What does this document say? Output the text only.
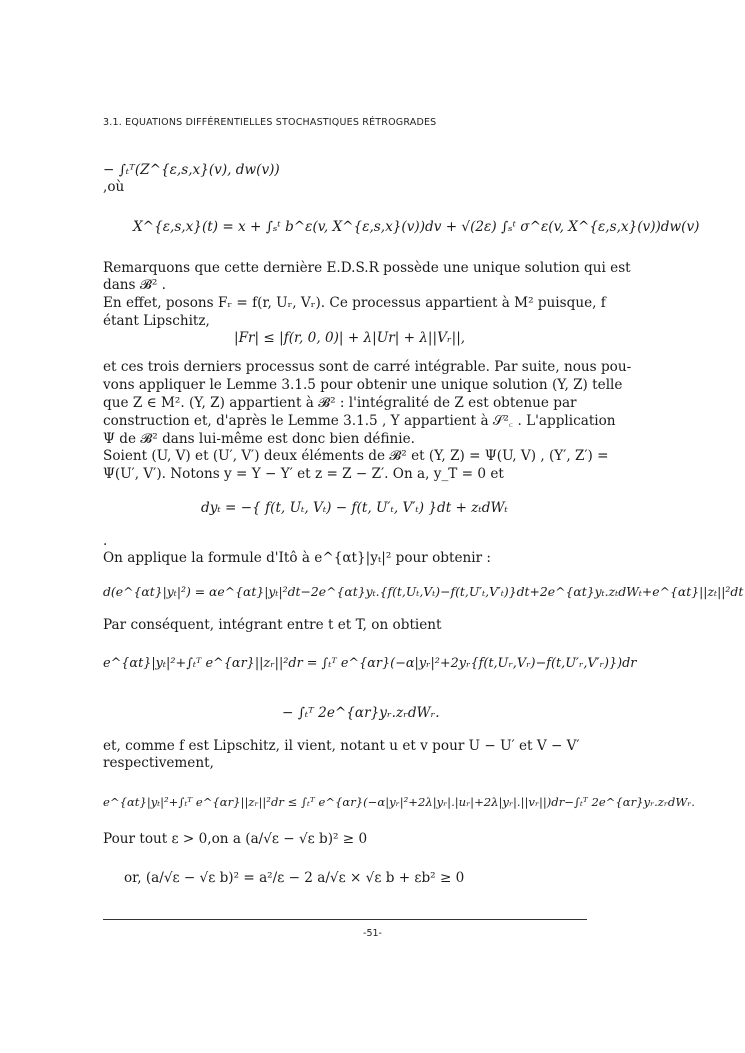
3.1. EQUATIONS DIFFÉRENTIELLES STOCHASTIQUES RÉTROGRADES
− ∫ₜᵀ(Z^{ε,s,x}(v), dw(v))
,où
X^{ε,s,x}(t) = x + ∫ₛᵗ b^ε(v, X^{ε,s,x}(v))dv + √(2ε) ∫ₛᵗ σ^ε(v, X^{ε,s,x}(v))dw(v)
Remarquons que cette dernière E.D.S.R possède une unique solution qui est
dans 𝓑² .
En effet, posons Fᵣ = f(r, Uᵣ, Vᵣ). Ce processus appartient à M² puisque, f
étant Lipschitz,
|Fr| ≤ |f(r, 0, 0)| + λ|Ur| + λ||Vᵣ||,
et ces trois derniers processus sont de carré intégrable. Par suite, nous pou-
vons appliquer le Lemme 3.1.5 pour obtenir une unique solution (Y, Z) telle
que Z ∈ M². (Y, Z) appartient à 𝓑² : l'intégralité de Z est obtenue par
construction et, d'après le Lemme 3.1.5 , Y appartient à 𝒮²꜀ . L'application
Ψ de 𝓑² dans lui-même est donc bien définie.
Soient (U, V) et (U′, V′) deux éléments de 𝓑² et (Y, Z) = Ψ(U, V) , (Y′, Z′) =
Ψ(U′, V′). Notons y = Y − Y′ et z = Z − Z′. On a, y_T = 0 et
dyₜ = −{ f(t, Uₜ, Vₜ) − f(t, U′ₜ, V′ₜ) }dt + zₜdWₜ
.
On applique la formule d'Itô à e^{αt}|yₜ|² pour obtenir :
d(e^{αt}|yₜ|²) = αe^{αt}|yₜ|²dt−2e^{αt}yₜ.{f(t,Uₜ,Vₜ)−f(t,U′ₜ,V′ₜ)}dt+2e^{αt}yₜ.zₜdWₜ+e^{αt}||zₜ||²dt
Par conséquent, intégrant entre t et T, on obtient
e^{αt}|yₜ|²+∫ₜᵀ e^{αr}||zᵣ||²dr = ∫ₜᵀ e^{αr}(−α|yᵣ|²+2yᵣ{f(t,Uᵣ,Vᵣ)−f(t,U′ᵣ,V′ᵣ)})dr
− ∫ₜᵀ 2e^{αr}yᵣ.zᵣdWᵣ.
et, comme f est Lipschitz, il vient, notant u et v pour U − U′ et V − V′
respectivement,
e^{αt}|yₜ|²+∫ₜᵀ e^{αr}||zᵣ||²dr ≤ ∫ₜᵀ e^{αr}(−α|yᵣ|²+2λ|yᵣ|.|uᵣ|+2λ|yᵣ|.||vᵣ||)dr−∫ₜᵀ 2e^{αr}yᵣ.zᵣdWᵣ.
Pour tout ε > 0,on a (a/√ε − √ε b)² ≥ 0
or, (a/√ε − √ε b)² = a²/ε − 2 a/√ε × √ε b + εb² ≥ 0
-51-
